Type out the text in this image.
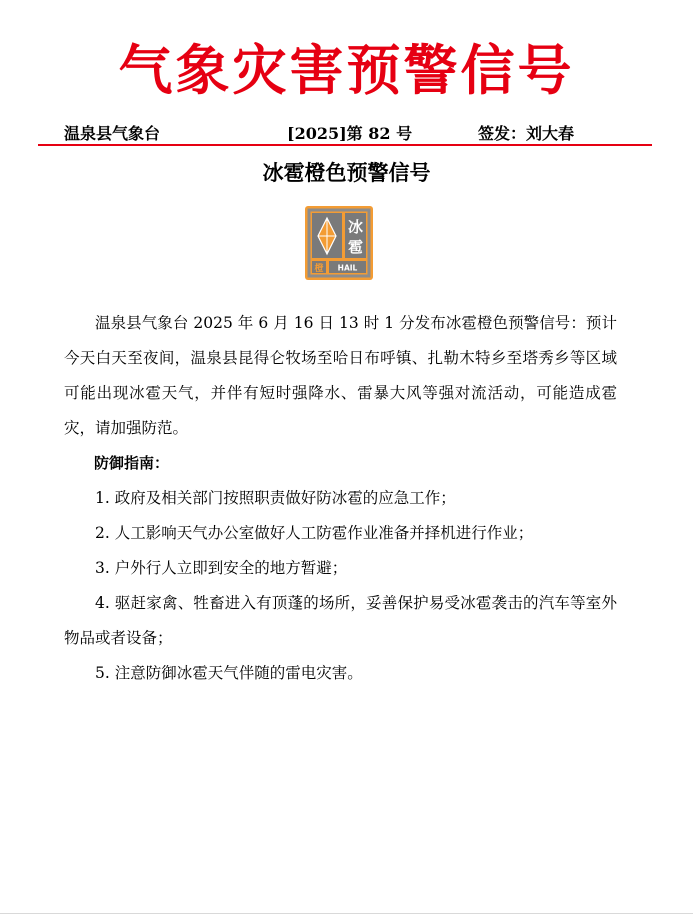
气象灾害预警信号
温泉县气象台	[2025]第 82 号	签发：刘大春
冰雹橙色预警信号
橙
冰
雹
HAIL

温泉县气象台 2025 年 6 月 16 日 13 时 1 分发布冰雹橙色预警信号：预计今天白天至夜间，温泉县昆得仑牧场至哈日布呼镇、扎勒木特乡至塔秀乡等区域可能出现冰雹天气，并伴有短时强降水、雷暴大风等强对流活动，可能造成雹灾，请加强防范。

防御指南：

1. 政府及相关部门按照职责做好防冰雹的应急工作；
2. 人工影响天气办公室做好人工防雹作业准备并择机进行作业；
3. 户外行人立即到安全的地方暂避；
4. 驱赶家禽、牲畜进入有顶蓬的场所，妥善保护易受冰雹袭击的汽车等室外物品或者设备；
5. 注意防御冰雹天气伴随的雷电灾害。
